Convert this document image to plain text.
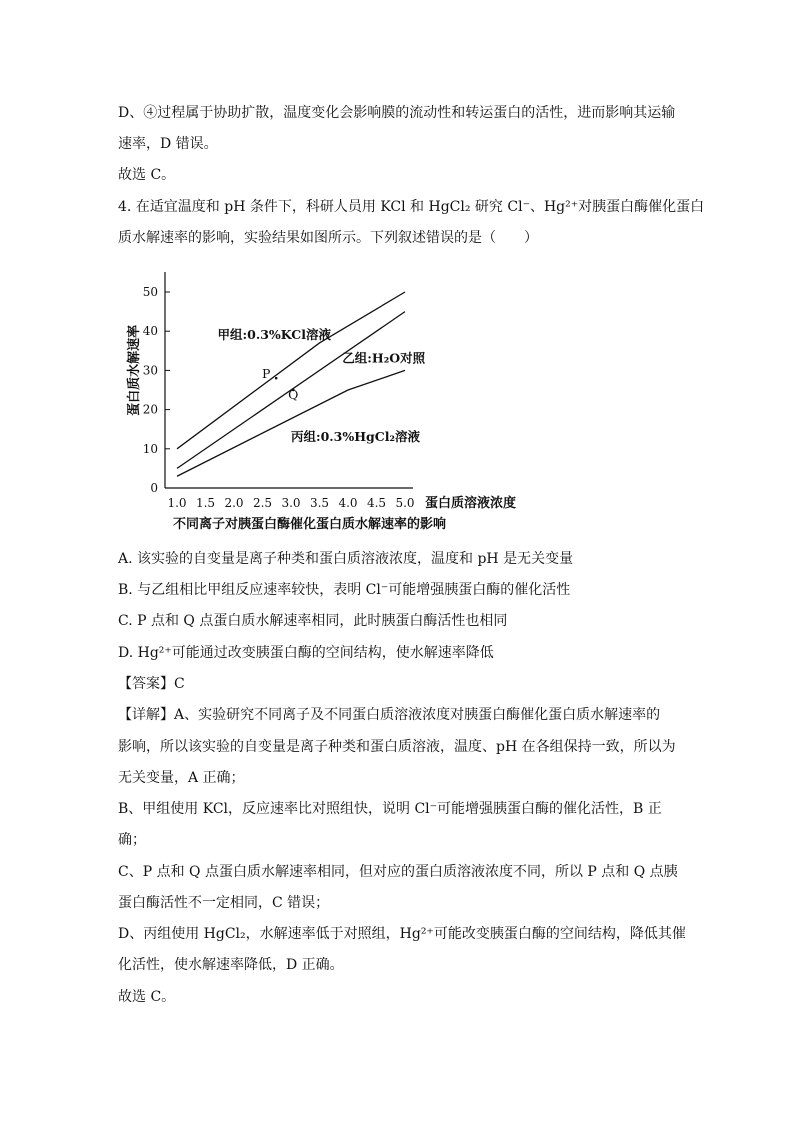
D、④过程属于协助扩散，温度变化会影响膜的流动性和转运蛋白的活性，进而影响其运输
速率，D 错误。
故选 C。
4. 在适宜温度和 pH 条件下，科研人员用 KCl 和 HgCl₂ 研究 Cl⁻、Hg²⁺对胰蛋白酶催化蛋白
质水解速率的影响，实验结果如图所示。下列叙述错误的是（　　）
0
10
20
30
40
50
1.0 1.5 2.0 2.5 3.0 3.5 4.0 4.5 5.0
甲组:0.3%KCl溶液
乙组:H₂O对照
丙组:0.3%HgCl₂溶液
P
Q
蛋白质溶液浓度
蛋白质水解速率
不同离子对胰蛋白酶催化蛋白质水解速率的影响
A. 该实验的自变量是离子种类和蛋白质溶液浓度，温度和 pH 是无关变量
B. 与乙组相比甲组反应速率较快，表明 Cl⁻可能增强胰蛋白酶的催化活性
C. P 点和 Q 点蛋白质水解速率相同，此时胰蛋白酶活性也相同
D. Hg²⁺可能通过改变胰蛋白酶的空间结构，使水解速率降低
【答案】C
【详解】A、实验研究不同离子及不同蛋白质溶液浓度对胰蛋白酶催化蛋白质水解速率的
影响，所以该实验的自变量是离子种类和蛋白质溶液，温度、pH 在各组保持一致，所以为
无关变量，A 正确；
B、甲组使用 KCl，反应速率比对照组快，说明 Cl⁻可能增强胰蛋白酶的催化活性，B 正
确；
C、P 点和 Q 点蛋白质水解速率相同，但对应的蛋白质溶液浓度不同，所以 P 点和 Q 点胰
蛋白酶活性不一定相同，C 错误；
D、丙组使用 HgCl₂，水解速率低于对照组，Hg²⁺可能改变胰蛋白酶的空间结构，降低其催
化活性，使水解速率降低，D 正确。
故选 C。
